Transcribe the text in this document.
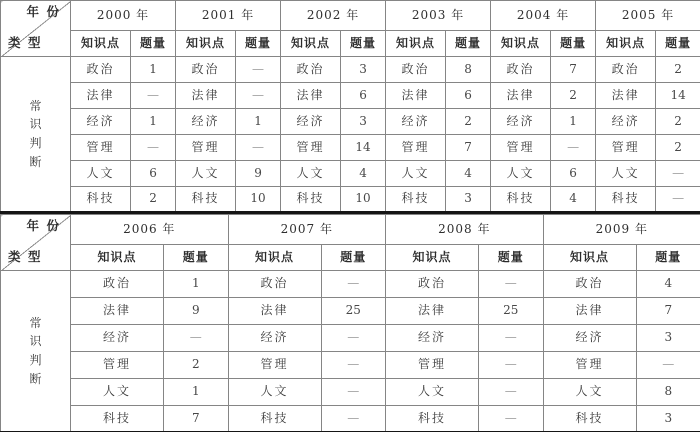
年 份
类 型	2000 年		2001 年		2002 年		2003 年		2004 年		2005 年	
	知识点	题量	知识点	题量	知识点	题量	知识点	题量	知识点	题量	知识点	题量
常识判断	政治	1	政治	—	政治	3	政治	8	政治	7	政治	2
	法律	—	法律	—	法律	6	法律	6	法律	2	法律	14
	经济	1	经济	1	经济	3	经济	2	经济	1	经济	2
	管理	—	管理	—	管理	14	管理	7	管理	—	管理	2
	人文	6	人文	9	人文	4	人文	4	人文	6	人文	—
	科技	2	科技	10	科技	10	科技	3	科技	4	科技	—
年 份
类 型	2006 年		2007 年		2008 年		2009 年	
	知识点	题量	知识点	题量	知识点	题量	知识点	题量
常识判断	政治	1	政治	—	政治	—	政治	4
	法律	9	法律	25	法律	25	法律	7
	经济	—	经济	—	经济	—	经济	3
	管理	2	管理	—	管理	—	管理	—
	人文	1	人文	—	人文	—	人文	8
	科技	7	科技	—	科技	—	科技	3
